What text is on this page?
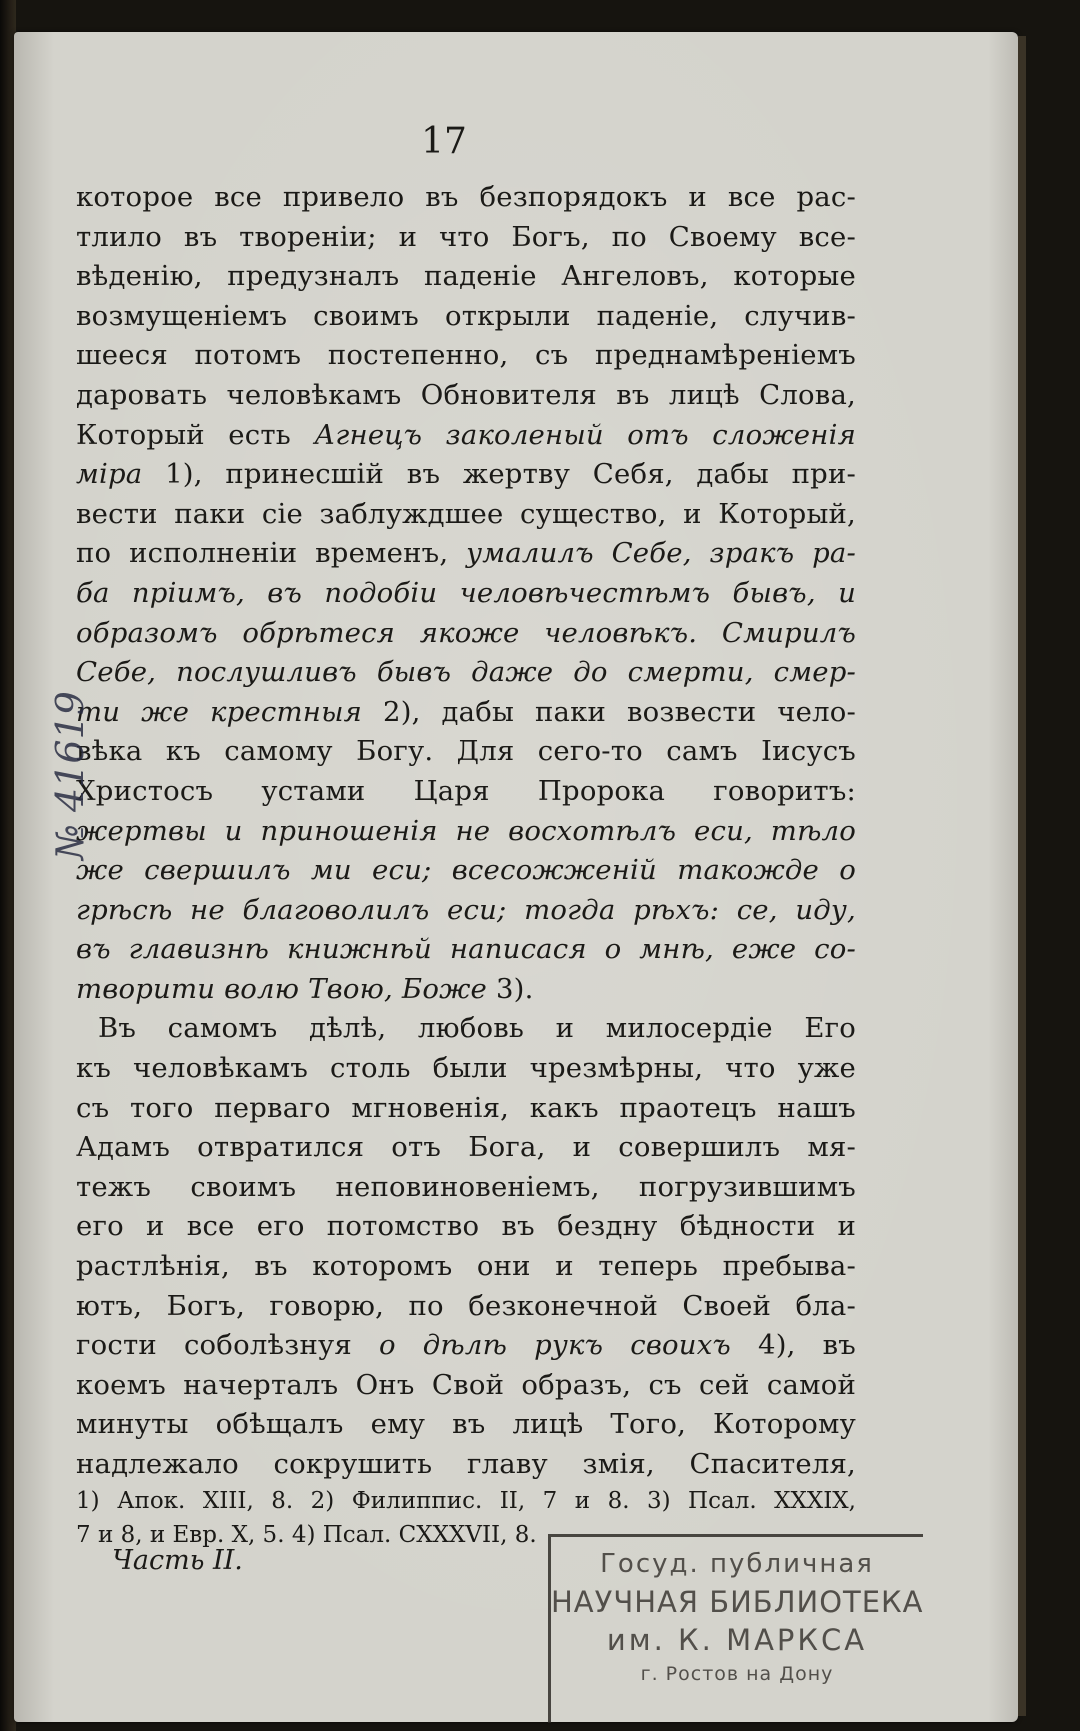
17
которое все привело въ безпорядокъ и все рас-
тлило въ твореніи; и что Богъ, по Своему все-
вѣденію, предузналъ паденіе Ангеловъ, которые
возмущеніемъ своимъ открыли паденіе, случив-
шееся потомъ постепенно, съ преднамѣреніемъ
даровать человѣкамъ Обновителя въ лицѣ Слова,
Который есть Агнецъ заколеный отъ сложенія
міра 1), принесшій въ жертву Себя, дабы при-
вести паки сіе заблуждшее существо, и Который,
по исполненіи временъ, умалилъ Себе, зракъ ра-
ба пріимъ, въ подобіи человѣчестѣмъ бывъ, и
образомъ обрѣтеся якоже человѣкъ. Смирилъ
Себе, послушливъ бывъ даже до смерти, смер-
ти же крестныя 2), дабы паки возвести чело-
вѣка къ самому Богу. Для сего-то самъ Іисусъ
Христосъ устами Царя Пророка говоритъ:
жертвы и приношенія не восхотѣлъ еси, тѣло
же свершилъ ми еси; всесожженій такожде о
грѣсѣ не благоволилъ еси; тогда рѣхъ: се, иду,
въ главизнѣ книжнѣй написася о мнѣ, еже со-
творити волю Твою, Боже 3).
Въ самомъ дѣлѣ, любовь и милосердіе Его
къ человѣкамъ столь были чрезмѣрны, что уже
съ того перваго мгновенія, какъ праотецъ нашъ
Адамъ отвратился отъ Бога, и совершилъ мя-
тежъ своимъ неповиновеніемъ, погрузившимъ
его и все его потомство въ бездну бѣдности и
растлѣнія, въ которомъ они и теперь пребыва-
ютъ, Богъ, говорю, по безконечной Своей бла-
гости соболѣзнуя о дѣлѣ рукъ своихъ 4), въ
коемъ начерталъ Онъ Свой образъ, съ сей самой
минуты обѣщалъ ему въ лицѣ Того, Которому
надлежало сокрушить главу змія, Спасителя,
1) Апок. XIII, 8. 2) Филиппис. II, 7 и 8. 3) Псал. XXXIX,
7 и 8, и Евр. X, 5. 4) Псал. CXXXVII, 8.
Часть II.	Госуд. публичная
НАУЧНАЯ БИБЛИОТЕКА
им. К. МАРКСА
г. Ростов на Дону
№ 41619
